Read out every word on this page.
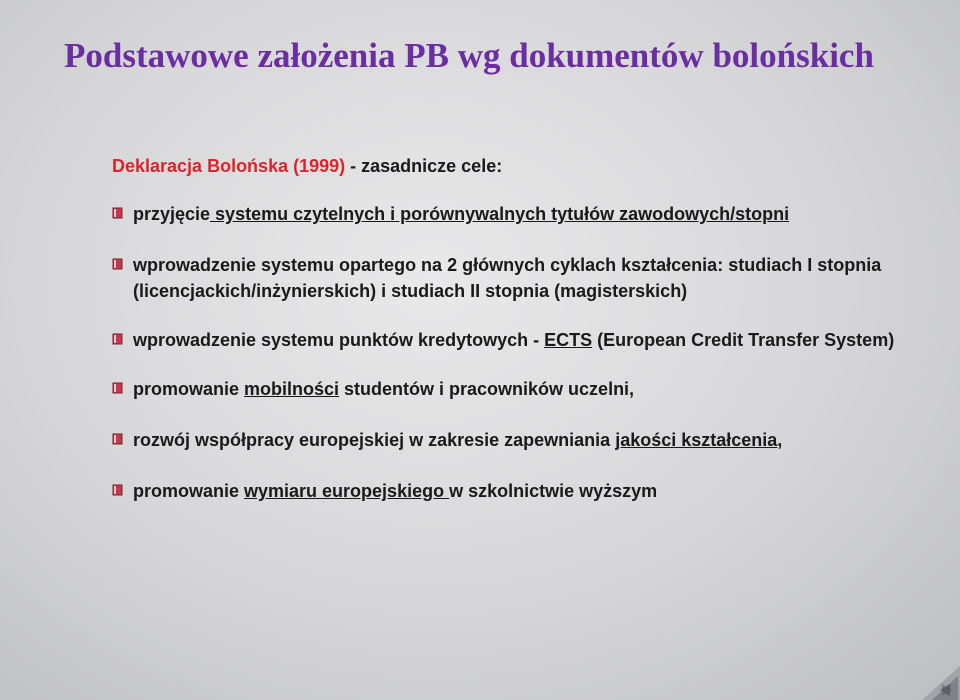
Podstawowe założenia PB wg dokumentów bolońskich
Deklaracja Bolońska (1999) - zasadnicze cele:
przyjęcie systemu czytelnych i porównywalnych tytułów zawodowych/stopni
wprowadzenie systemu opartego na 2 głównych cyklach kształcenia: studiach I stopnia (licencjackich/inżynierskich) i studiach II stopnia (magisterskich)
wprowadzenie systemu punktów kredytowych - ECTS (European Credit Transfer System)
promowanie mobilności studentów i pracowników uczelni,
rozwój współpracy europejskiej w zakresie zapewniania jakości kształcenia,
promowanie wymiaru europejskiego w szkolnictwie wyższym
